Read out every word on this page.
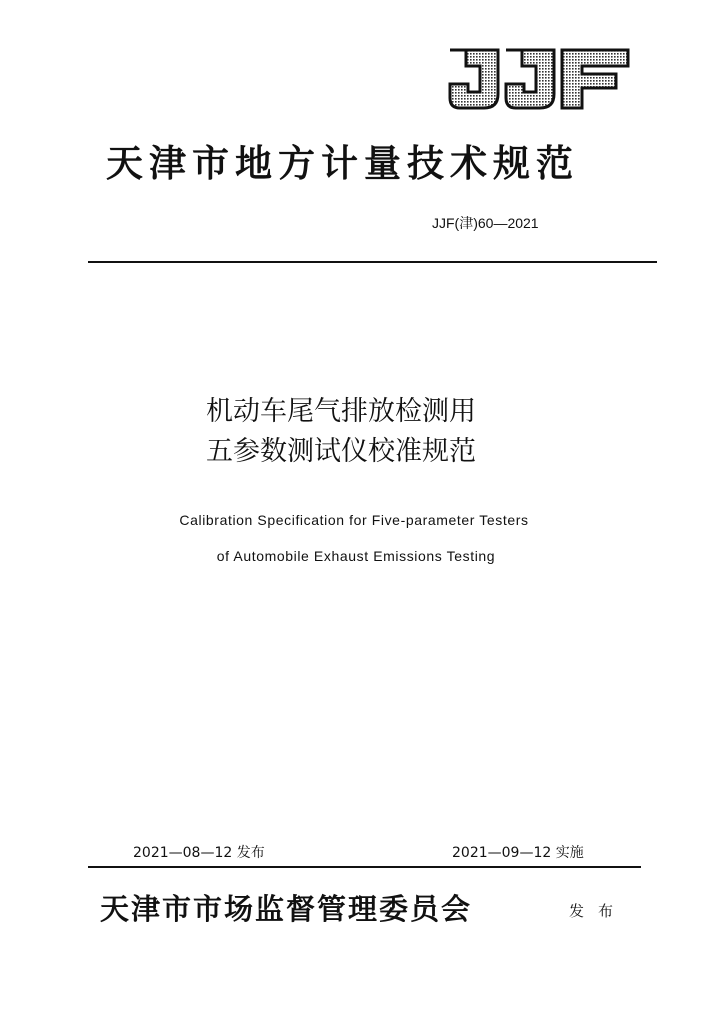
天津市地方计量技术规范
JJF(津)60—2021
机动车尾气排放检测用
五参数测试仪校准规范
Calibration Specification for Five-parameter Testers
of Automobile Exhaust Emissions Testing
2021—08—12 发布	2021—09—12 实施
天津市市场监督管理委员会	发布
